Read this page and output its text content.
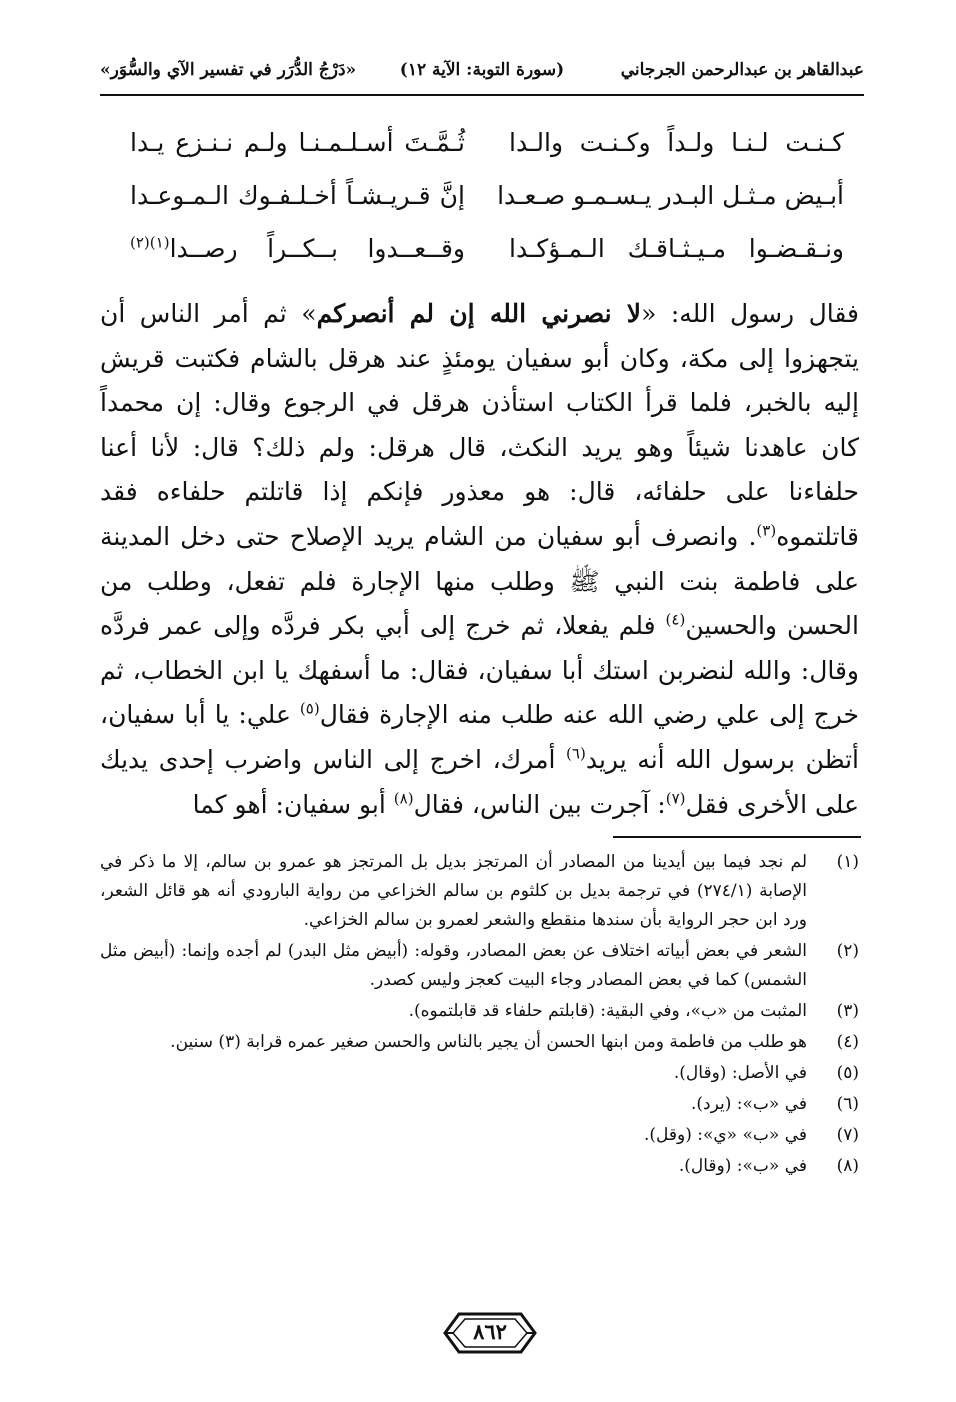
عبدالقاهر بن عبدالرحمن الجرجاني
(سورة التوبة: الآية ١٢)
«دَرْجُ الدُّرَر في تفسير الآي والسُّوَر»
كـنـت لـنـا ولـداً وكـنـت والـدا
ثُـمَّـتَ أسـلـمـنـا ولـم نـنـزع يـدا
أبـيض مـثـل البـدر يـسـمـو صـعـدا
إنَّ قـريـشـاً أخـلـفـوك الـمـوعـدا
ونـقـضـوا مـيـثـاقـك الـمـؤكـدا
وقــعــدوا بــكــراً رصــدا$^{(١)(٢)}$
فقال رسول الله: «لا نصرني الله إن لم أنصركم» ثم أمر الناس أن يتجهزوا إلى مكة، وكان أبو سفيان يومئذٍ عند هرقل بالشام فكتبت قريش إليه بالخبر، فلما قرأ الكتاب استأذن هرقل في الرجوع وقال: إن محمداً كان عاهدنا شيئاً وهو يريد النكث، قال هرقل: ولم ذلك؟ قال: لأنا أعنا حلفاءنا على حلفائه، قال: هو معذور فإنكم إذا قاتلتم حلفاءه فقد قاتلتموه$^{(٣)}$. وانصرف أبو سفيان من الشام يريد الإصلاح حتى دخل المدينة على فاطمة بنت النبي ﷺ وطلب منها الإجارة فلم تفعل، وطلب من الحسن والحسين$^{(٤)}$ فلم يفعلا، ثم خرج إلى أبي بكر فردَّه وإلى عمر فردَّه وقال: والله لنضربن استك أبا سفيان، فقال: ما أسفهك يا ابن الخطاب، ثم خرج إلى علي رضي الله عنه طلب منه الإجارة فقال$^{(٥)}$ علي: يا أبا سفيان، أتظن برسول الله أنه يريد$^{(٦)}$ أمرك، اخرج إلى الناس واضرب إحدى يديك على الأخرى فقل$^{(٧)}$: آجرت بين الناس، فقال$^{(٨)}$ أبو سفيان: أهو كما
(١)
لم نجد فيما بين أيدينا من المصادر أن المرتجز بديل بل المرتجز هو عمرو بن سالم، إلا ما ذكر في الإصابة (٢٧٤/١) في ترجمة بديل بن كلثوم بن سالم الخزاعي من رواية البارودي أنه هو قائل الشعر، ورد ابن حجر الرواية بأن سندها منقطع والشعر لعمرو بن سالم الخزاعي.
(٢)
الشعر في بعض أبياته اختلاف عن بعض المصادر، وقوله: (أبيض مثل البدر) لم أجده وإنما: (أبيض مثل الشمس) كما في بعض المصادر وجاء البيت كعجز وليس كصدر.
(٣)
المثبت من «ب»، وفي البقية: (قابلتم حلفاء قد قابلتموه).
(٤)
هو طلب من فاطمة ومن ابنها الحسن أن يجير بالناس والحسن صغير عمره قرابة (٣) سنين.
(٥)
في الأصل: (وقال).
(٦)
في «ب»: (يرد).
(٧)
في «ب» «ي»: (وقل).
(٨)
في «ب»: (وقال).
٨٦٢
